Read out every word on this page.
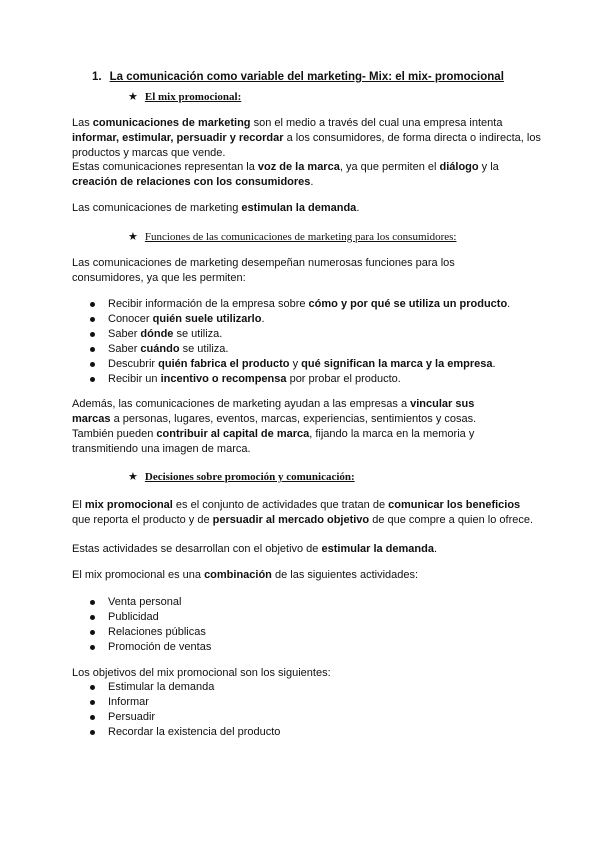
1. La comunicación como variable del marketing- Mix: el mix- promocional
★ El mix promocional:
Las comunicaciones de marketing son el medio a través del cual una empresa intenta informar, estimular, persuadir y recordar a los consumidores, de forma directa o indirecta, los productos y marcas que vende.
Estas comunicaciones representan la voz de la marca, ya que permiten el diálogo y la creación de relaciones con los consumidores.
Las comunicaciones de marketing estimulan la demanda.
★ Funciones de las comunicaciones de marketing para los consumidores:
Las comunicaciones de marketing desempeñan numerosas funciones para los consumidores, ya que les permiten:
Recibir información de la empresa sobre cómo y por qué se utiliza un producto.
Conocer quién suele utilizarlo.
Saber dónde se utiliza.
Saber cuándo se utiliza.
Descubrir quién fabrica el producto y qué significan la marca y la empresa.
Recibir un incentivo o recompensa por probar el producto.
Además, las comunicaciones de marketing ayudan a las empresas a vincular sus marcas a personas, lugares, eventos, marcas, experiencias, sentimientos y cosas.
También pueden contribuir al capital de marca, fijando la marca en la memoria y transmitiendo una imagen de marca.
★ Decisiones sobre promoción y comunicación:
El mix promocional es el conjunto de actividades que tratan de comunicar los beneficios que reporta el producto y de persuadir al mercado objetivo de que compre a quien lo ofrece.
Estas actividades se desarrollan con el objetivo de estimular la demanda.
El mix promocional es una combinación de las siguientes actividades:
Venta personal
Publicidad
Relaciones públicas
Promoción de ventas
Los objetivos del mix promocional son los siguientes:
Estimular la demanda
Informar
Persuadir
Recordar la existencia del producto
